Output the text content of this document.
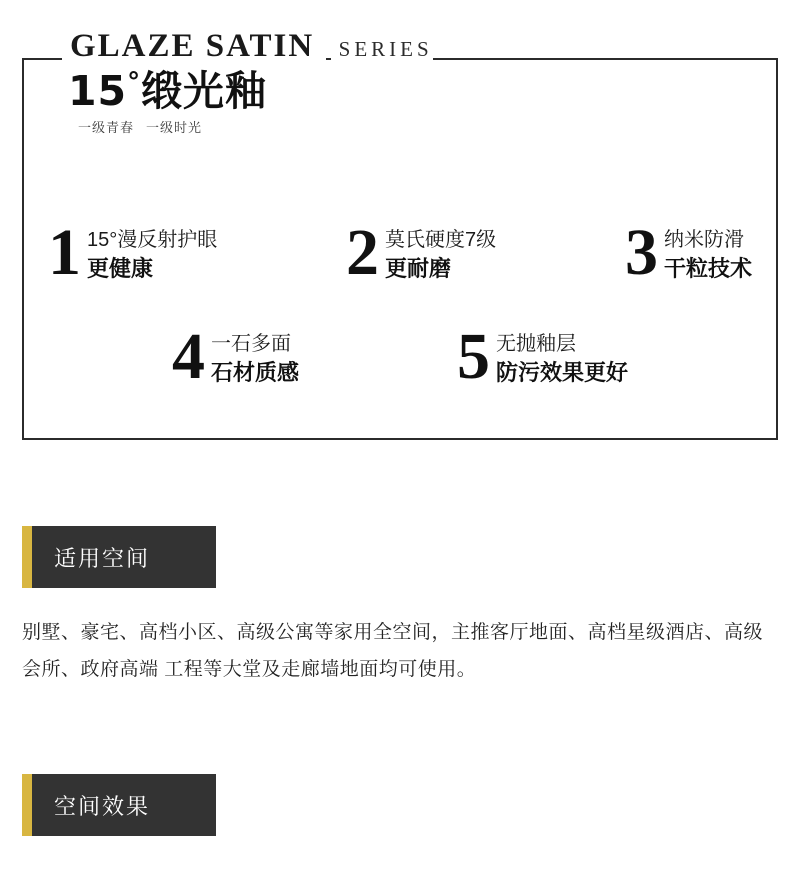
GLAZE SATIN SERIES
15°缎光釉
一级青春 一级时光
1 15°漫反射护眼
更健康	2 莫氏硬度7级
更耐磨	3 纳米防滑
干粒技术
4 一石多面
石材质感 5 无抛釉层
防污效果更好
适用空间
别墅、豪宅、高档小区、高级公寓等家用全空间，主推客厅地面、高档星级酒店、高级会所、政府高端 工程等大堂及走廊墙地面均可使用。
空间效果
